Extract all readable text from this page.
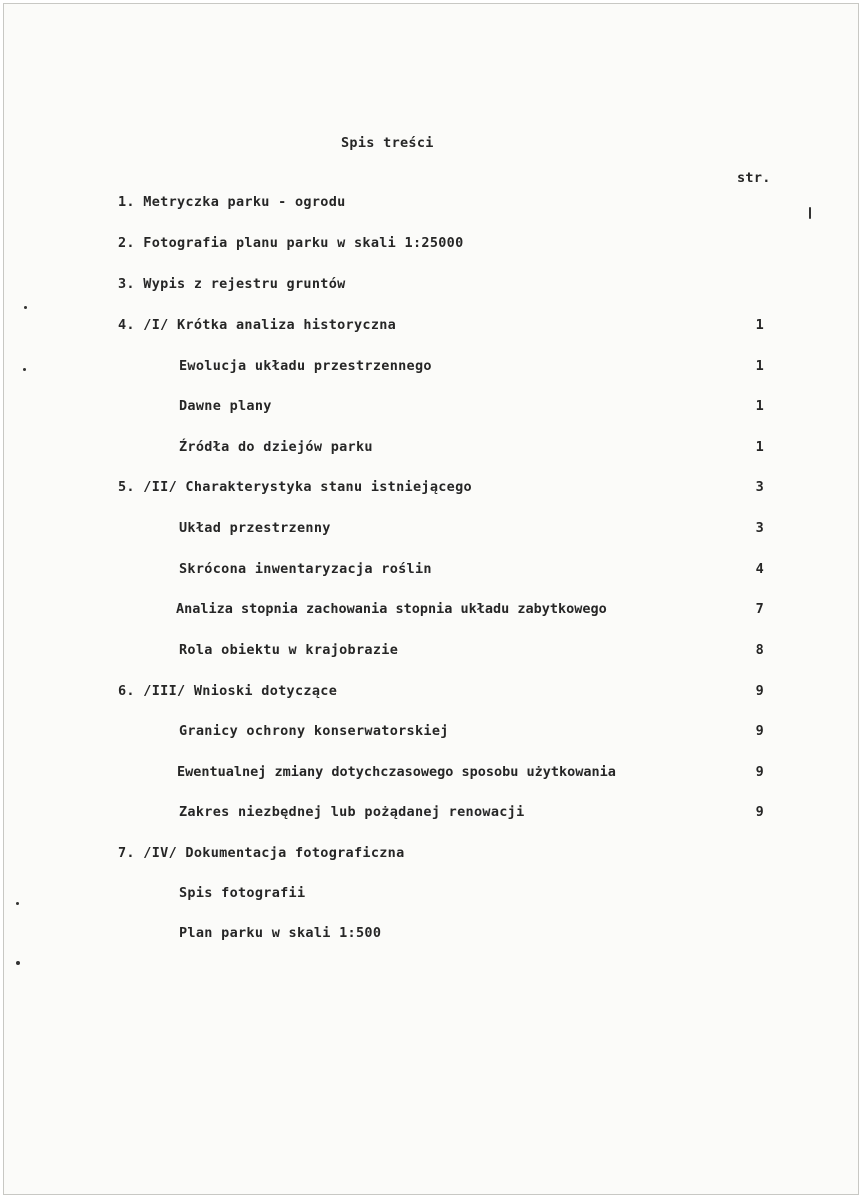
Spis treści
str.
1. Metryczka parku - ogrodu
2. Fotografia planu parku w skali 1:25000
3. Wypis z rejestru gruntów
4. /I/ Krótka analiza historyczna	1
Ewolucja układu przestrzennego	1
Dawne plany	1
Źródła do dziejów parku	1
5. /II/ Charakterystyka stanu istniejącego	3
Układ przestrzenny	3
Skrócona inwentaryzacja roślin	4
Analiza stopnia zachowania stopnia układu zabytkowego	7
Rola obiektu w krajobrazie	8
6. /III/ Wnioski dotyczące	9
Granicy ochrony konserwatorskiej	9
Ewentualnej zmiany dotychczasowego sposobu użytkowania	9
Zakres niezbędnej lub pożądanej renowacji	9
7. /IV/ Dokumentacja fotograficzna
Spis fotografii
Plan parku w skali 1:500
